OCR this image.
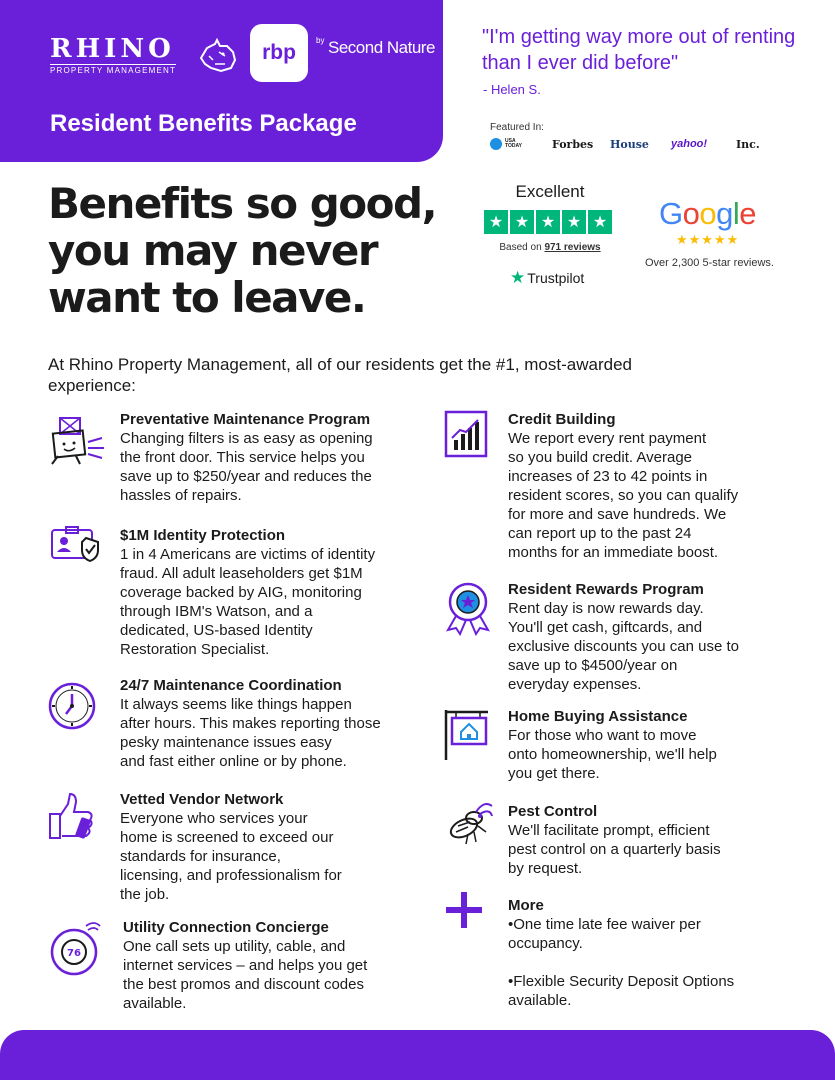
RHINO
PROPERTY MANAGEMENT
rbp
by Second Nature
Resident Benefits Package
"I'm getting way more out of renting than I ever did before"
- Helen S.
Featured In:
USA TODAY	Forbes House yahoo!	Inc.
Benefits so good, you may never want to leave.
Excellent
★ ★ ★ ★ ★
Based on 971 reviews
★ Trustpilot
Google
★★★★★
Over 2,300 5-star reviews.
At Rhino Property Management, all of our residents get the #1, most-awarded experience:
Preventative Maintenance Program

Changing filters is as easy as opening
the front door. This service helps you
save up to $250/year and reduces the
hassles of repairs.

$1M Identity Protection

1 in 4 Americans are victims of identity
fraud. All adult leaseholders get $1M
coverage backed by AIG, monitoring
through IBM's Watson, and a
dedicated, US-based Identity
Restoration Specialist.

24/7 Maintenance Coordination

It always seems like things happen
after hours. This makes reporting those
pesky maintenance issues easy
and fast either online or by phone.

Vetted Vendor Network

Everyone who services your
home is screened to exceed our
standards for insurance,
licensing, and professionalism for
the job.

76
Utility Connection Concierge

One call sets up utility, cable, and
internet services – and helps you get
the best promos and discount codes
available.

Credit Building

We report every rent payment
so you build credit. Average
increases of 23 to 42 points in
resident scores, so you can qualify
for more and save hundreds. We
can report up to the past 24
months for an immediate boost.

Resident Rewards Program

Rent day is now rewards day.
You'll get cash, giftcards, and
exclusive discounts you can use to
save up to $4500/year on
everyday expenses.

Home Buying Assistance

For those who want to move
onto homeownership, we'll help
you get there.

Pest Control

We'll facilitate prompt, efficient
pest control on a quarterly basis
by request.

More

•One time late fee waiver per
occupancy.

•Flexible Security Deposit Options
available.
